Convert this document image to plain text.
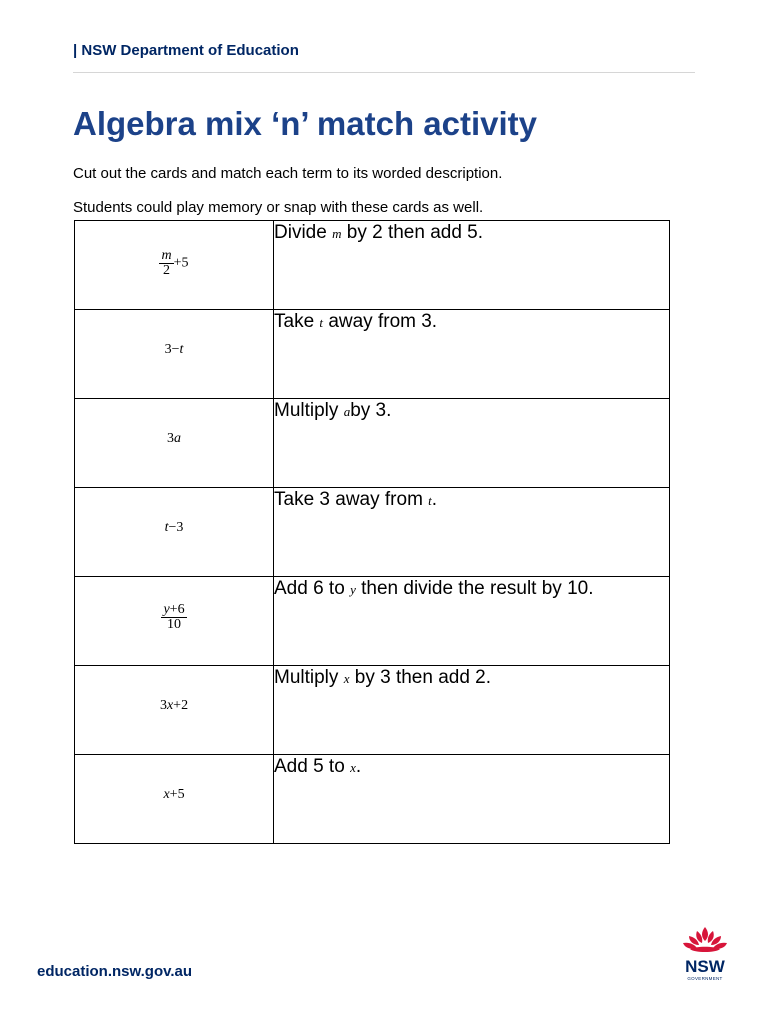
| NSW Department of Education
Algebra mix ‘n’ match activity

Cut out the cards and match each term to its worded description.

Students could play memory or snap with these cards as well.

$\frac{m}{2} +5$	Divide m by 2 then add 5.
3−t	Take t away from 3.
3a	Multiply aby 3.
t−3	Take 3 away from t.

$\frac{y+6}{10}$	Add 6 to y then divide the result by 10.
3x+2	Multiply x by 3 then add 2.
x+5	Add 5 to x.
education.nsw.gov.au	NSW
GOVERNMENT
